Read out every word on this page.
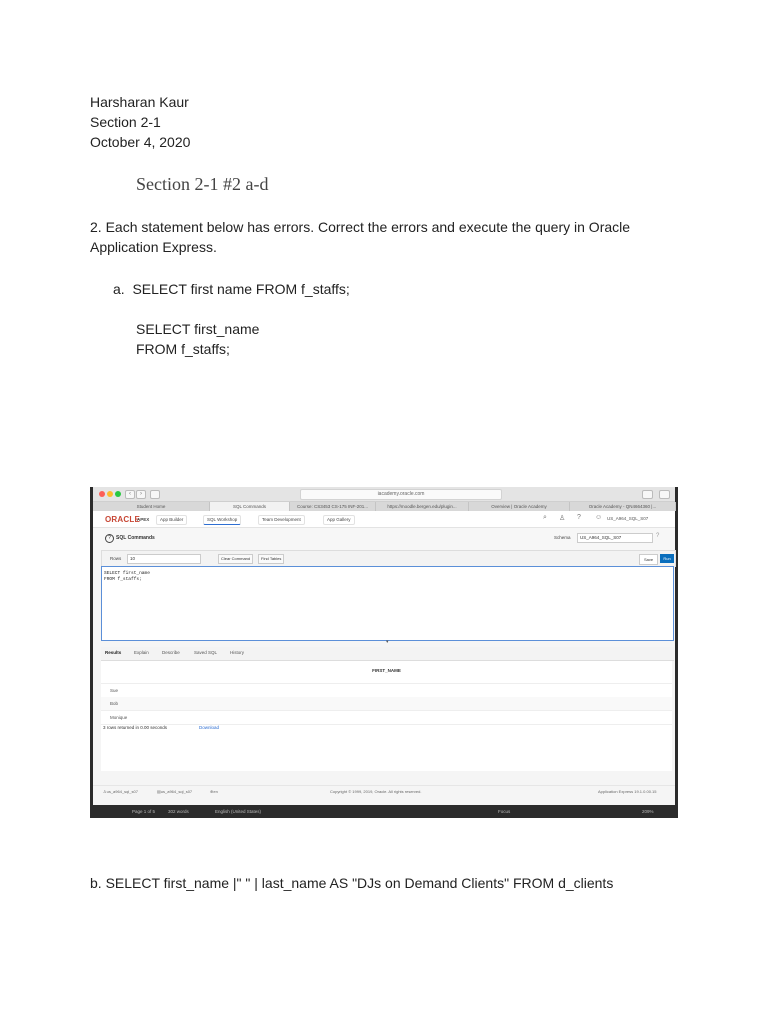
Harsharan Kaur
Section 2-1
October 4, 2020
Section 2-1 #2 a-d
2. Each statement below has errors. Correct the errors and execute the query in Oracle Application Express.
a. SELECT first name FROM f_staffs;
SELECT first_name
FROM f_staffs;
‹	›	iacademy.oracle.com
Student Home	SQL Commands	Course: CS3453 CS-175 INF-201...	https://moodle.bergen.edu/plugin...	Overview | Oracle Academy	Oracle Academy - QN4664360 |...
ORACLE
APEX	App Builder	SQL Workshop	Team Development	App Gallery	⌕ ♙ ? ☺ US_A964_SQL_S07
?	SQL Commands	Schema	US_A964_SQL_S07	?
Rows	10	Clear Command	Find Tables	Save	Run
SELECT first_name
FROM f_staffs;
▾
Results	Explain	Describe	Saved SQL	History
FIRST_NAME
Sue
Bob
Monique
3 rows returned in 0.00 seconds	Download
♙ us_a964_sql_s07	▤ us_a964_sql_s07	⊕ en	Copyright © 1999, 2019, Oracle. All rights reserved.	Application Express 19.1.0.00.15
Page 1 of 5	302 words	English (United States)	Focus	209%
b. SELECT first_name |" " | last_name AS "DJs on Demand Clients" FROM d_clients
